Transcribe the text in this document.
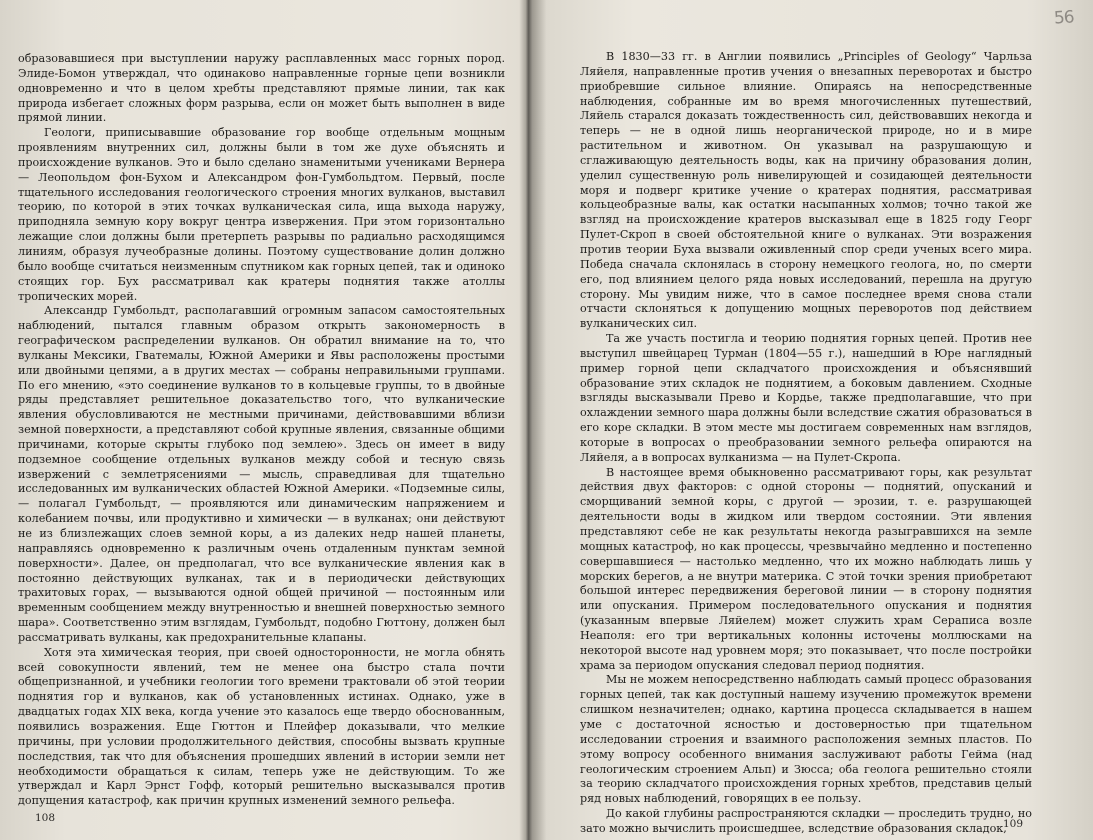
56

образовавшиеся при выступлении наружу расплавленных масс горных пород. Элиде-Бомон утверждал, что одинаково направленные горные цепи возникли одновременно и что в целом хребты представляют прямые линии, так как природа избегает сложных форм разрыва, если он может быть выполнен в виде прямой линии.

Геологи, приписывавшие образование гор вообще отдельным мощным проявлениям внутренних сил, должны были в том же духе объяснять и происхождение вулканов. Это и было сделано знаменитыми учениками Вернера — Леопольдом фон-Бухом и Александром фон-Гумбольдтом. Первый, после тщательного исследования геологического строения многих вулканов, выставил теорию, по которой в этих точках вулканическая сила, ища выхода наружу, приподняла земную кору вокруг центра извержения. При этом горизонтально лежащие слои должны были претерпеть разрывы по радиально расходящимся линиям, образуя лучеобразные долины. Поэтому существование долин должно было вообще считаться неизменным спутником как горных цепей, так и одиноко стоящих гор. Бух рассматривал как кратеры поднятия также атоллы тропических морей.

Александр Гумбольдт, располагавший огромным запасом самостоятельных наблюдений, пытался главным образом открыть закономерность в географическом распределении вулканов. Он обратил внимание на то, что вулканы Мексики, Гватемалы, Южной Америки и Явы расположены простыми или двойными цепями, а в других местах — собраны неправильными группами. По его мнению, «это соединение вулканов то в кольцевые группы, то в двойные ряды представляет решительное доказательство того, что вулканические явления обусловливаются не местными причинами, действовавшими вблизи земной поверхности, а представляют собой крупные явления, связанные общими причинами, которые скрыты глубоко под землею». Здесь он имеет в виду подземное сообщение отдельных вулканов между собой и тесную связь извержений с землетрясениями — мысль, справедливая для тщательно исследованных им вулканических областей Южной Америки. «Подземные силы, — полагал Гумбольдт, — проявляются или динамическим напряжением и колебанием почвы, или продуктивно и химически — в вулканах; они действуют не из близлежащих слоев земной коры, а из далеких недр нашей планеты, направляясь одновременно к различным очень отдаленным пунктам земной поверхности». Далее, он предполагал, что все вулканические явления как в постоянно действующих вулканах, так и в периодически действующих трахитовых горах, — вызываются одной общей причиной — постоянным или временным сообщением между внутренностью и внешней поверхностью земного шара». Соответственно этим взглядам, Гумбольдт, подобно Гюттону, должен был рассматривать вулканы, как предохранительные клапаны.

Хотя эта химическая теория, при своей односторонности, не могла обнять всей совокупности явлений, тем не менее она быстро стала почти общепризнанной, и учебники геологии того времени трактовали об этой теории поднятия гор и вулканов, как об установленных истинах. Однако, уже в двадцатых годах XIX века, когда учение это казалось еще твердо обоснованным, появились возражения. Еще Гюттон и Плейфер доказывали, что мелкие причины, при условии продолжительного действия, способны вызвать крупные последствия, так что для объяснения прошедших явлений в истории земли нет необходимости обращаться к силам, теперь уже не действующим. То же утверждал и Карл Эрнст Гофф, который решительно высказывался против допущения катастроф, как причин крупных изменений земного рельефа.

108

В 1830—33 гг. в Англии появились „Principles of Geology“ Чарльза Ляйеля, направленные против учения о внезапных переворотах и быстро приобревшие сильное влияние. Опираясь на непосредственные наблюдения, собранные им во время многочисленных путешествий, Ляйель старался доказать тождественность сил, действовавших некогда и теперь — не в одной лишь неорганической природе, но и в мире растительном и животном. Он указывал на разрушающую и сглаживающую деятельность воды, как на причину образования долин, уделил существенную роль нивелирующей и созидающей деятельности моря и подверг критике учение о кратерах поднятия, рассматривая кольцеобразные валы, как остатки насыпанных холмов; точно такой же взгляд на происхождение кратеров высказывал еще в 1825 году Георг Пулет-Скроп в своей обстоятельной книге о вулканах. Эти возражения против теории Буха вызвали оживленный спор среди ученых всего мира. Победа сначала склонялась в сторону немецкого геолога, но, по смерти его, под влиянием целого ряда новых исследований, перешла на другую сторону. Мы увидим ниже, что в самое последнее время снова стали отчасти склоняться к допущению мощных переворотов под действием вулканических сил.

Та же участь постигла и теорию поднятия горных цепей. Против нее выступил швейцарец Турман (1804—55 г.), нашедший в Юре наглядный пример горной цепи складчатого происхождения и объяснявший образование этих складок не поднятием, а боковым давлением. Сходные взгляды высказывали Прево и Кордье, также предполагавшие, что при охлаждении земного шара должны были вследствие сжатия образоваться в его коре складки. В этом месте мы достигаем современных нам взглядов, которые в вопросах о преобразовании земного рельефа опираются на Ляйеля, а в вопросах вулканизма — на Пулет-Скропа.

В настоящее время обыкновенно рассматривают горы, как результат действия двух факторов: с одной стороны — поднятий, опусканий и сморщиваний земной коры, с другой — эрозии, т. е. разрушающей деятельности воды в жидком или твердом состоянии. Эти явления представляют себе не как результаты некогда разыгравшихся на земле мощных катастроф, но как процессы, чрезвычайно медленно и постепенно совершавшиеся — настолько медленно, что их можно наблюдать лишь у морских берегов, а не внутри материка. С этой точки зрения приобретают большой интерес передвижения береговой линии — в сторону поднятия или опускания. Примером последовательного опускания и поднятия (указанным впервые Ляйелем) может служить храм Сераписа возле Неаполя: его три вертикальных колонны источены моллюсками на некоторой высоте над уровнем моря; это показывает, что после постройки храма за периодом опускания следовал период поднятия.

Мы не можем непосредственно наблюдать самый процесс образования горных цепей, так как доступный нашему изучению промежуток времени слишком незначителен; однако, картина процесса складывается в нашем уме с достаточной ясностью и достоверностью при тщательном исследовании строения и взаимного расположения земных пластов. По этому вопросу особенного внимания заслуживают работы Гейма (над геологическим строением Альп) и Зюсса; оба геолога решительно стояли за теорию складчатого происхождения горных хребтов, представив целый ряд новых наблюдений, говорящих в ее пользу.

До какой глубины распространяются складки — проследить трудно, но зато можно вычислить происшедшее, вследствие образования складок,

109
